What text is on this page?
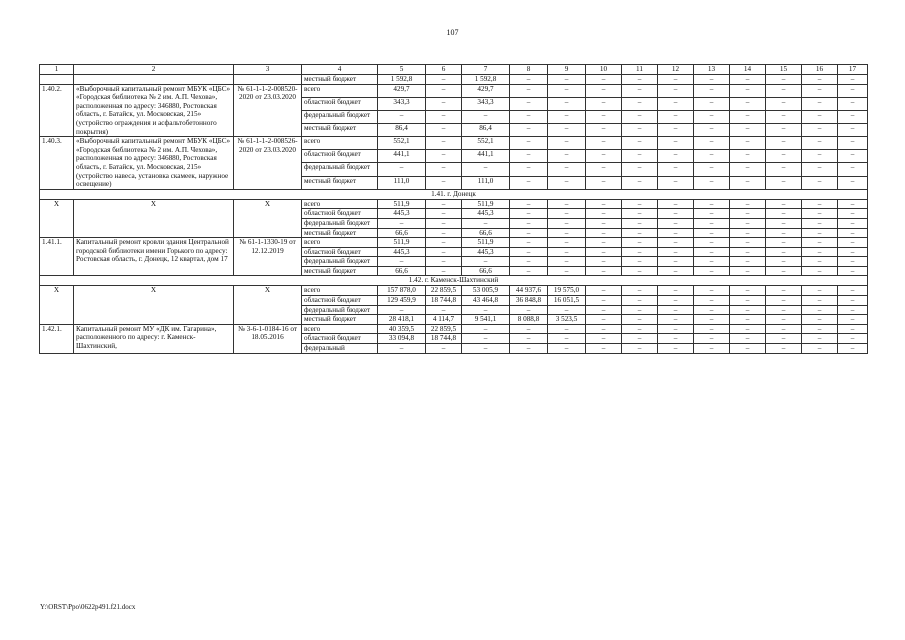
107
1	2	3	4	5	6	7	8	9	10	11	12	13	14	15	16	17
			местный бюджет	1 592,8	–	1 592,8	–	–	–	–	–	–	–	–	–	–
1.40.2.	«Выборочный капитальный ремонт МБУК «ЦБС» «Городская библиотека № 2 им. А.П. Чехова», расположенная по адресу: 346880, Ростовская область, г. Батайск, ул. Московская, 215» (устройство ограждения и асфальтобетонного покрытия)	№ 61-1-1-2-008520-2020 от 23.03.2020	всего	429,7	–	429,7	–	–	–	–	–	–	–	–	–	–
			областной бюджет	343,3	–	343,3	–	–	–	–	–	–	–	–	–	–
			федеральный бюджет	–	–	–	–	–	–	–	–	–	–	–	–	–
			местный бюджет	86,4	–	86,4	–	–	–	–	–	–	–	–	–	–
1.40.3.	«Выборочный капитальный ремонт МБУК «ЦБС» «Городская библиотека № 2 им. А.П. Чехова», расположенная по адресу: 346880, Ростовская область, г. Батайск, ул. Московская, 215» (устройство навеса, установка скамеек, наружное освещение)	№ 61-1-1-2-008526-2020 от 23.03.2020	всего	552,1	–	552,1	–	–	–	–	–	–	–	–	–	–
			областной бюджет	441,1	–	441,1	–	–	–	–	–	–	–	–	–	–
			федеральный бюджет	–	–	–	–	–	–	–	–	–	–	–	–	–
			местный бюджет	111,0	–	111,0	–	–	–	–	–	–	–	–	–	–
1.41. г. Донецк																
Х	Х	Х	всего	511,9	–	511,9	–	–	–	–	–	–	–	–	–	–
			областной бюджет	445,3	–	445,3	–	–	–	–	–	–	–	–	–	–
			федеральный бюджет	–	–	–	–	–	–	–	–	–	–	–	–	–
			местный бюджет	66,6	–	66,6	–	–	–	–	–	–	–	–	–	–
1.41.1.	Капитальный ремонт кровли здания Центральной городской библиотеки имени Горького по адресу: Ростовская область, г. Донецк, 12 квартал, дом 17	№ 61-1-1330-19 от 12.12.2019	всего	511,9	–	511,9	–	–	–	–	–	–	–	–	–	–
			областной бюджет	445,3	–	445,3	–	–	–	–	–	–	–	–	–	–
			федеральный бюджет	–	–	–	–	–	–	–	–	–	–	–	–	–
			местный бюджет	66,6	–	66,6	–	–	–	–	–	–	–	–	–	–
1.42. г. Каменск-Шахтинский																
Х	Х	Х	всего	157 878,0	22 859,5	53 005,9	44 937,6	19 575,0	–	–	–	–	–	–	–	–
			областной бюджет	129 459,9	18 744,8	43 464,8	36 848,8	16 051,5	–	–	–	–	–	–	–	–
			федеральный бюджет	–	–	–	–	–	–	–	–	–	–	–	–	–
			местный бюджет	28 418,1	4 114,7	9 541,1	8 088,8	3 523,5	–	–	–	–	–	–	–	–
1.42.1.	Капитальный ремонт МУ «ДК им. Гагарина», расположенного по адресу: г. Каменск-Шахтинский,	№ 3-6-1-0184-16 от 18.05.2016	всего	40 359,5	22 859,5	–	–	–	–	–	–	–	–	–	–	–
			областной бюджет	33 094,8	18 744,8	–	–	–	–	–	–	–	–	–	–	–
			федеральный	–	–	–	–	–	–	–	–	–	–	–	–	–
Y:\ORST\Ppo\0622p491.f21.docx
